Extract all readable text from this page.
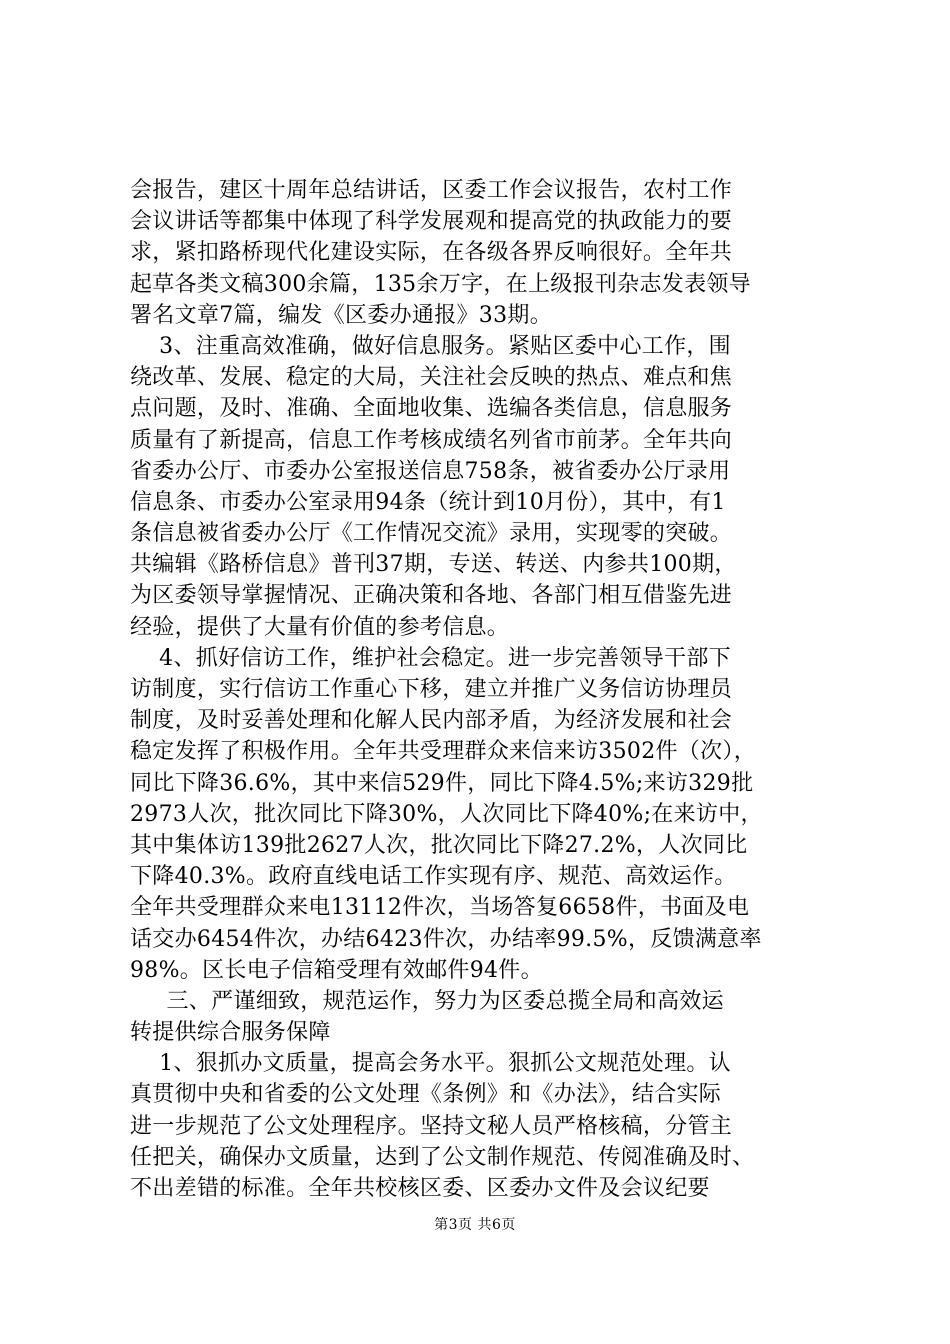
会报告，建区十周年总结讲话，区委工作会议报告，农村工作
会议讲话等都集中体现了科学发展观和提高党的执政能力的要
求，紧扣路桥现代化建设实际，在各级各界反响很好。全年共
起草各类文稿300余篇，135余万字，在上级报刊杂志发表领导
署名文章7篇，编发《区委办通报》33期。
3、注重高效准确，做好信息服务。紧贴区委中心工作，围
绕改革、发展、稳定的大局，关注社会反映的热点、难点和焦
点问题，及时、准确、全面地收集、选编各类信息，信息服务
质量有了新提高，信息工作考核成绩名列省市前茅。全年共向
省委办公厅、市委办公室报送信息758条，被省委办公厅录用
信息条、市委办公室录用94条（统计到10月份），其中，有1
条信息被省委办公厅《工作情况交流》录用，实现零的突破。
共编辑《路桥信息》普刊37期，专送、转送、内参共100期，
为区委领导掌握情况、正确决策和各地、各部门相互借鉴先进
经验，提供了大量有价值的参考信息。
4、抓好信访工作，维护社会稳定。进一步完善领导干部下
访制度，实行信访工作重心下移，建立并推广义务信访协理员
制度，及时妥善处理和化解人民内部矛盾，为经济发展和社会
稳定发挥了积极作用。全年共受理群众来信来访3502件（次），
同比下降36.6%，其中来信529件，同比下降4.5%;来访329批
2973人次，批次同比下降30%，人次同比下降40%;在来访中，
其中集体访139批2627人次，批次同比下降27.2%，人次同比
下降40.3%。政府直线电话工作实现有序、规范、高效运作。
全年共受理群众来电13112件次，当场答复6658件，书面及电
话交办6454件次，办结6423件次，办结率99.5%，反馈满意率
98%。区长电子信箱受理有效邮件94件。
三、严谨细致，规范运作，努力为区委总揽全局和高效运
转提供综合服务保障
1、狠抓办文质量，提高会务水平。狠抓公文规范处理。认
真贯彻中央和省委的公文处理《条例》和《办法》，结合实际
进一步规范了公文处理程序。坚持文秘人员严格核稿，分管主
任把关，确保办文质量，达到了公文制作规范、传阅准确及时、
不出差错的标准。全年共校核区委、区委办文件及会议纪要
第3页 共6页
